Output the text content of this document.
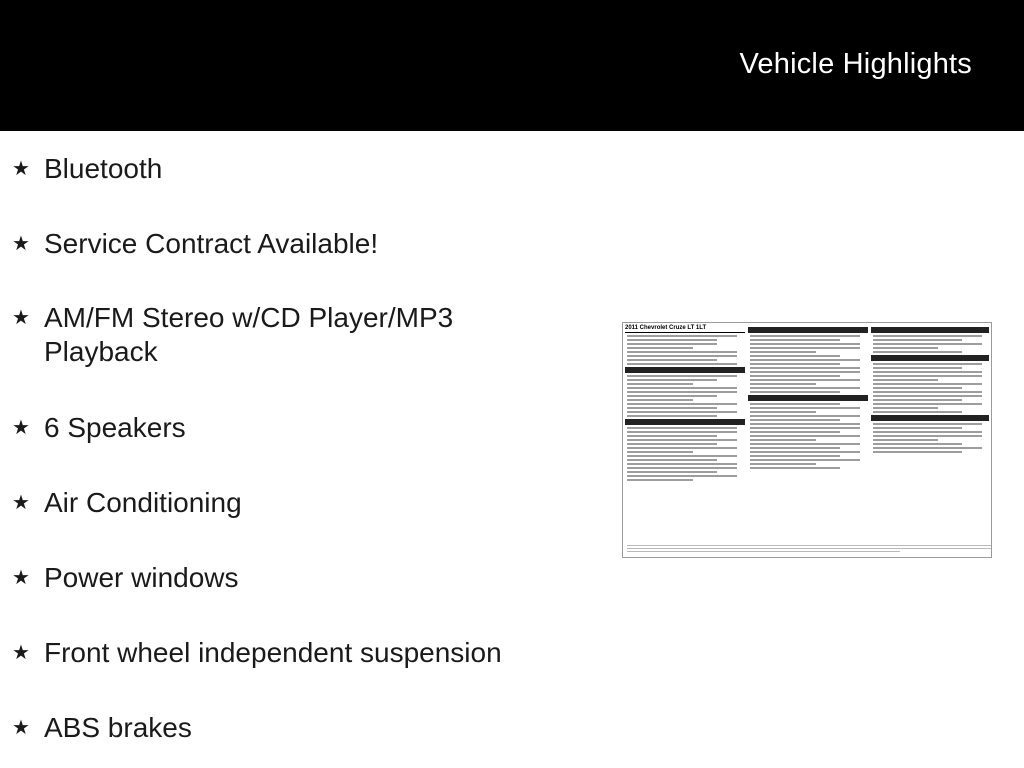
Vehicle Highlights
★ Bluetooth
★ Service Contract Available!
★ AM/FM Stereo w/CD Player/MP3 Playback
★ 6 Speakers
★ Air Conditioning
★ Power windows
★ Front wheel independent suspension
★ ABS brakes
2011 Chevrolet Cruze LT 1LT
